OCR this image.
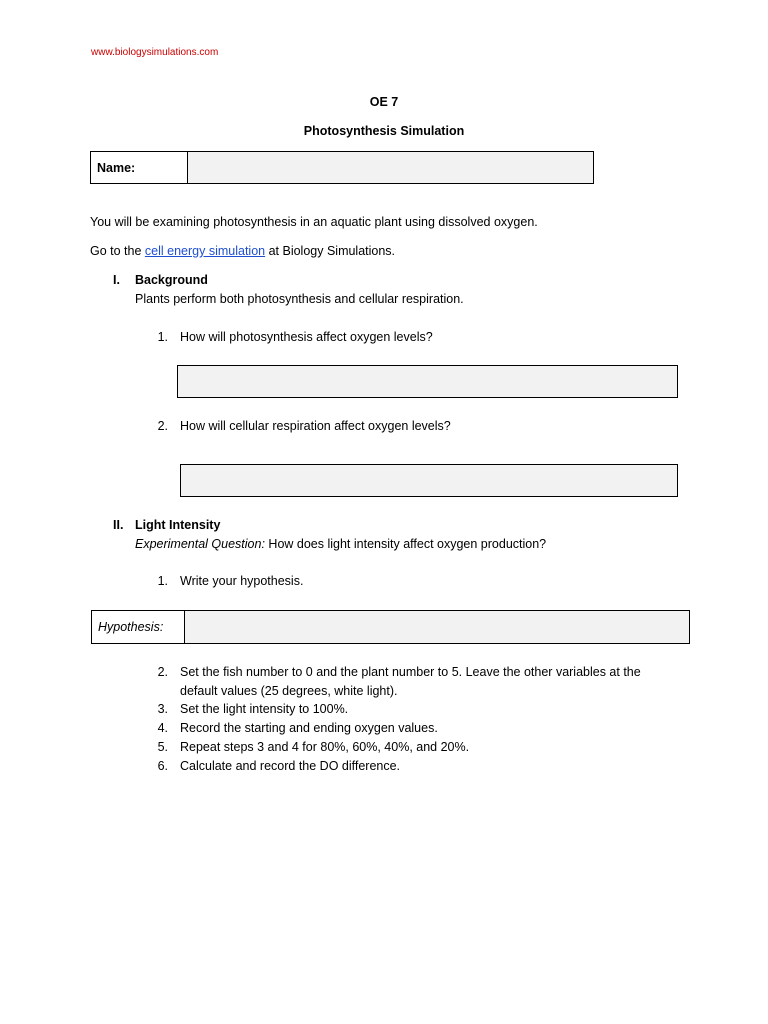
www.biologysimulations.com
OE 7
Photosynthesis Simulation
Name:
You will be examining photosynthesis in an aquatic plant using dissolved oxygen.
Go to the cell energy simulation at Biology Simulations.
I. Background
Plants perform both photosynthesis and cellular respiration.
1. How will photosynthesis affect oxygen levels?
2. How will cellular respiration affect oxygen levels?
II. Light Intensity
Experimental Question: How does light intensity affect oxygen production?
1. Write your hypothesis.
Hypothesis:
2. Set the fish number to 0 and the plant number to 5. Leave the other variables at the
default values (25 degrees, white light).
3. Set the light intensity to 100%.
4. Record the starting and ending oxygen values.
5. Repeat steps 3 and 4 for 80%, 60%, 40%, and 20%.
6. Calculate and record the DO difference.
